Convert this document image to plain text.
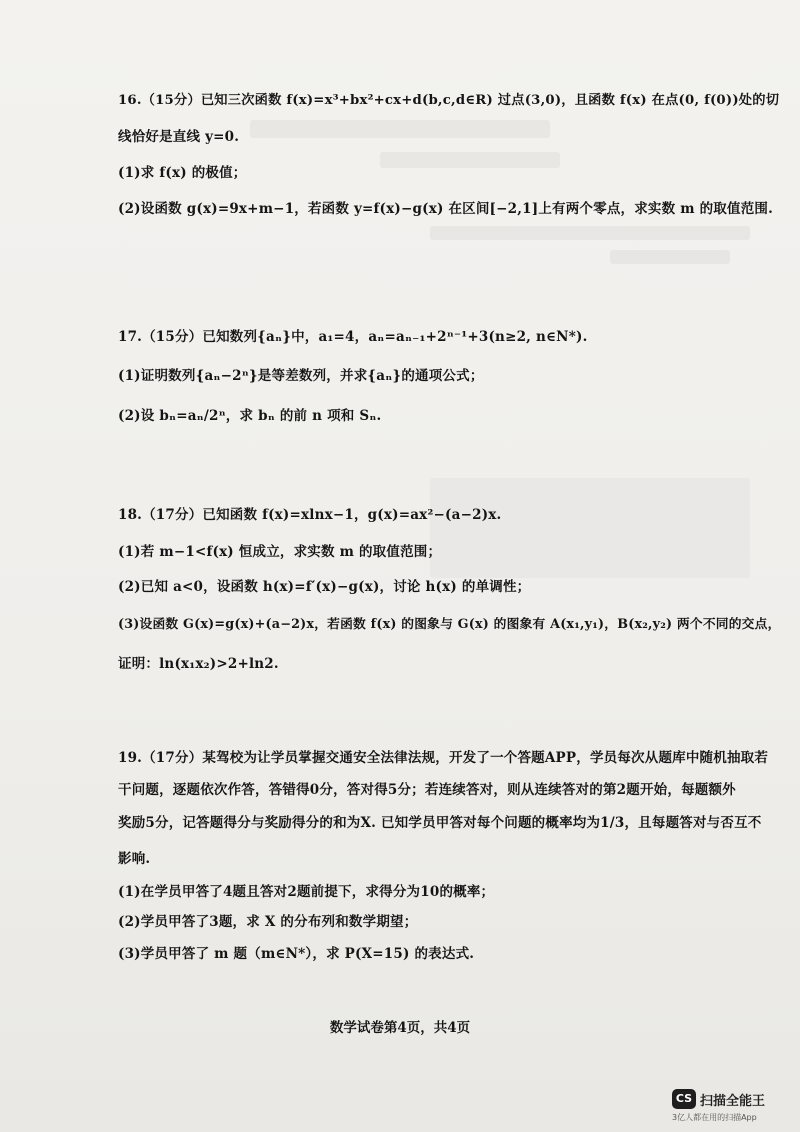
16.（15分）已知三次函数 f(x)=x³+bx²+cx+d(b,c,d∈R) 过点(3,0)，且函数 f(x) 在点(0, f(0))处的切
线恰好是直线 y=0.
(1)求 f(x) 的极值；
(2)设函数 g(x)=9x+m−1，若函数 y=f(x)−g(x) 在区间[−2,1]上有两个零点，求实数 m 的取值范围.
17.（15分）已知数列{aₙ}中，a₁=4，aₙ=aₙ₋₁+2ⁿ⁻¹+3(n≥2, n∈N*).
(1)证明数列{aₙ−2ⁿ}是等差数列，并求{aₙ}的通项公式；
(2)设 bₙ=aₙ/2ⁿ，求 bₙ 的前 n 项和 Sₙ.
18.（17分）已知函数 f(x)=xlnx−1，g(x)=ax²−(a−2)x.
(1)若 m−1<f(x) 恒成立，求实数 m 的取值范围；
(2)已知 a<0，设函数 h(x)=f′(x)−g(x)，讨论 h(x) 的单调性；
(3)设函数 G(x)=g(x)+(a−2)x，若函数 f(x) 的图象与 G(x) 的图象有 A(x₁,y₁)，B(x₂,y₂) 两个不同的交点，
证明：ln(x₁x₂)>2+ln2.
19.（17分）某驾校为让学员掌握交通安全法律法规，开发了一个答题APP，学员每次从题库中随机抽取若
干问题，逐题依次作答，答错得0分，答对得5分；若连续答对，则从连续答对的第2题开始，每题额外
奖励5分，记答题得分与奖励得分的和为X. 已知学员甲答对每个问题的概率均为1/3，且每题答对与否互不
影响.
(1)在学员甲答了4题且答对2题前提下，求得分为10的概率；
(2)学员甲答了3题，求 X 的分布列和数学期望；
(3)学员甲答了 m 题（m∈N*），求 P(X=15) 的表达式.
数学试卷第4页，共4页
CS 扫描全能王
3亿人都在用的扫描App
